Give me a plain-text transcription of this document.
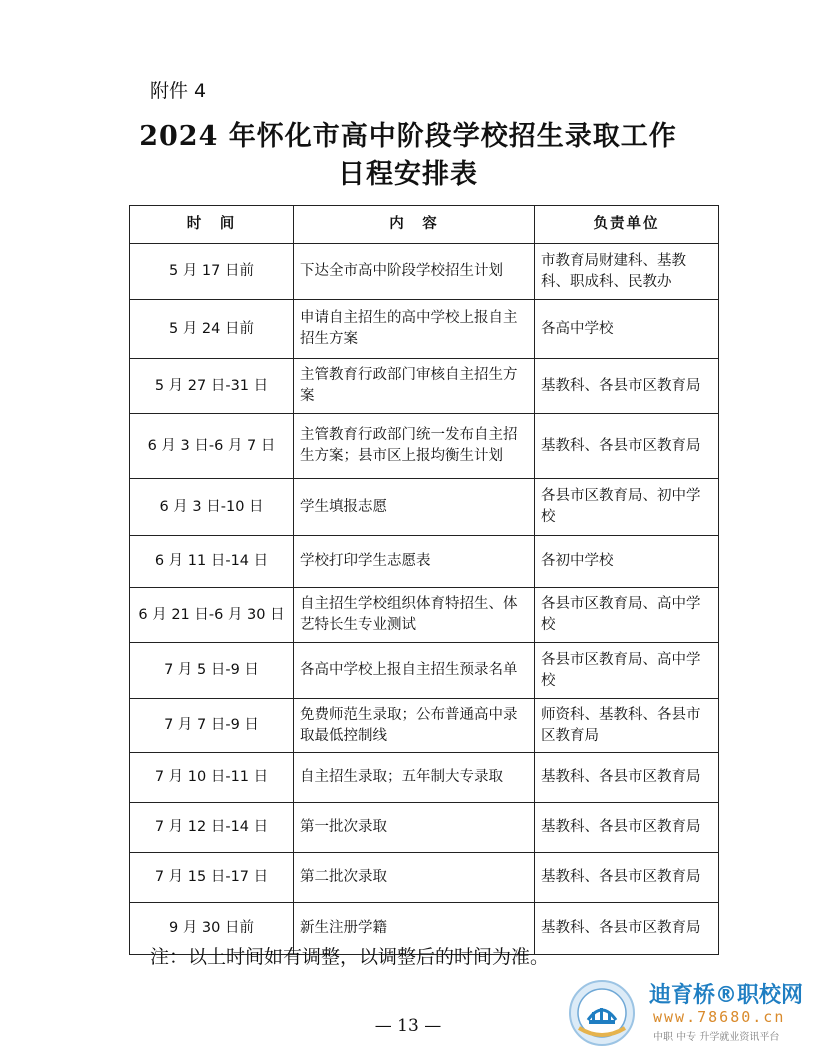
附件 4
2024 年怀化市高中阶段学校招生录取工作
日程安排表
时　间	内　容	负责单位
5 月 17 日前	下达全市高中阶段学校招生计划	市教育局财建科、基教科、职成科、民教办
5 月 24 日前	申请自主招生的高中学校上报自主招生方案	各高中学校
5 月 27 日-31 日	主管教育行政部门审核自主招生方案	基教科、各县市区教育局
6 月 3 日-6 月 7 日	主管教育行政部门统一发布自主招生方案；县市区上报均衡生计划	基教科、各县市区教育局
6 月 3 日-10 日	学生填报志愿	各县市区教育局、初中学校
6 月 11 日-14 日	学校打印学生志愿表	各初中学校
6 月 21 日-6 月 30 日	自主招生学校组织体育特招生、体艺特长生专业测试	各县市区教育局、高中学校
7 月 5 日-9 日	各高中学校上报自主招生预录名单	各县市区教育局、高中学校
7 月 7 日-9 日	免费师范生录取；公布普通高中录取最低控制线	师资科、基教科、各县市区教育局
7 月 10 日-11 日	自主招生录取；五年制大专录取	基教科、各县市区教育局
7 月 12 日-14 日	第一批次录取	基教科、各县市区教育局
7 月 15 日-17 日	第二批次录取	基教科、各县市区教育局
9 月 30 日前	新生注册学籍	基教科、各县市区教育局
注：以上时间如有调整，以调整后的时间为准。
— 13 —
迪育桥®职校网
www.78680.cn
中职 中专 升学就业资讯平台
